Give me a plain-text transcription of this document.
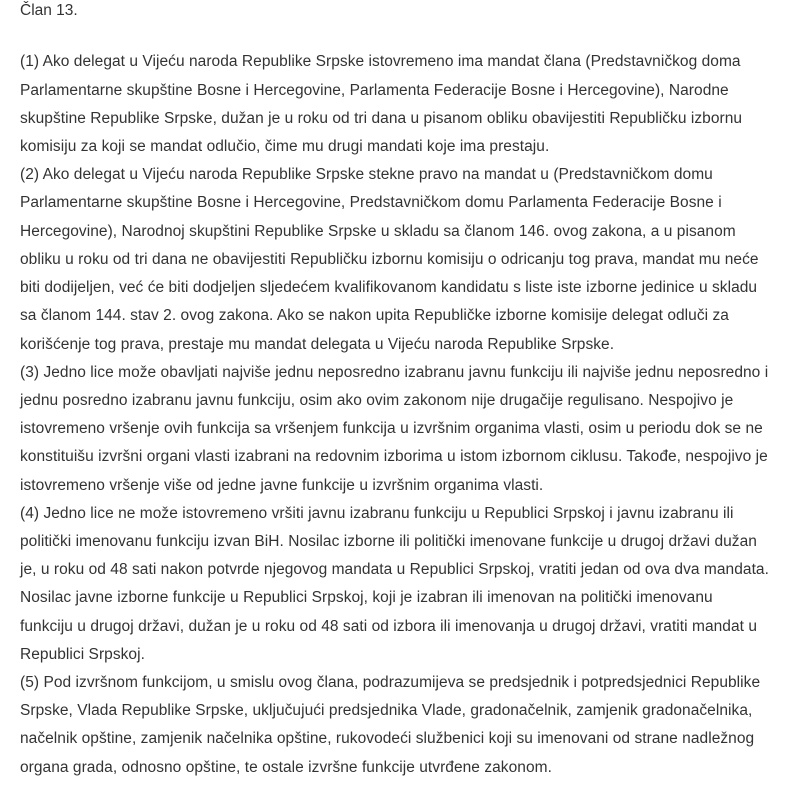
Član 13.

(1) Ako delegat u Vijeću naroda Republike Srpske istovremeno ima mandat člana (Predstavničkog doma Parlamentarne skupštine Bosne i Hercegovine, Parlamenta Federacije Bosne i Hercegovine), Narodne skupštine Republike Srpske, dužan je u roku od tri dana u pisanom obliku obavijestiti Republičku izbornu komisiju za koji se mandat odlučio, čime mu drugi mandati koje ima prestaju.

(2) Ako delegat u Vijeću naroda Republike Srpske stekne pravo na mandat u (Predstavničkom domu Parlamentarne skupštine Bosne i Hercegovine, Predstavničkom domu Parlamenta Federacije Bosne i Hercegovine), Narodnoj skupštini Republike Srpske u skladu sa članom 146. ovog zakona, a u pisanom obliku u roku od tri dana ne obavijestiti Republičku izbornu komisiju o odricanju tog prava, mandat mu neće biti dodijeljen, već će biti dodjeljen sljedećem kvalifikovanom kandidatu s liste iste izborne jedinice u skladu sa članom 144. stav 2. ovog zakona. Ako se nakon upita Republičke izborne komisije delegat odluči za korišćenje tog prava, prestaje mu mandat delegata u Vijeću naroda Republike Srpske.

(3) Jedno lice može obavljati najviše jednu neposredno izabranu javnu funkciju ili najviše jednu neposredno i jednu posredno izabranu javnu funkciju, osim ako ovim zakonom nije drugačije regulisano. Nespojivo je istovremeno vršenje ovih funkcija sa vršenjem funkcija u izvršnim organima vlasti, osim u periodu dok se ne konstituišu izvršni organi vlasti izabrani na redovnim izborima u istom izbornom ciklusu. Takođe, nespojivo je istovremeno vršenje više od jedne javne funkcije u izvršnim organima vlasti.

(4) Jedno lice ne može istovremeno vršiti javnu izabranu funkciju u Republici Srpskoj i javnu izabranu ili politički imenovanu funkciju izvan BiH. Nosilac izborne ili politički imenovane funkcije u drugoj državi dužan je, u roku od 48 sati nakon potvrde njegovog mandata u Republici Srpskoj, vratiti jedan od ova dva mandata. Nosilac javne izborne funkcije u Republici Srpskoj, koji je izabran ili imenovan na politički imenovanu funkciju u drugoj državi, dužan je u roku od 48 sati od izbora ili imenovanja u drugoj državi, vratiti mandat u Republici Srpskoj.

(5) Pod izvršnom funkcijom, u smislu ovog člana, podrazumijeva se predsjednik i potpredsjednici Republike Srpske, Vlada Republike Srpske, uključujući predsjednika Vlade, gradonačelnik, zamjenik gradonačelnika, načelnik opštine, zamjenik načelnika opštine, rukovodeći službenici koji su imenovani od strane nadležnog organa grada, odnosno opštine, te ostale izvršne funkcije utvrđene zakonom.
